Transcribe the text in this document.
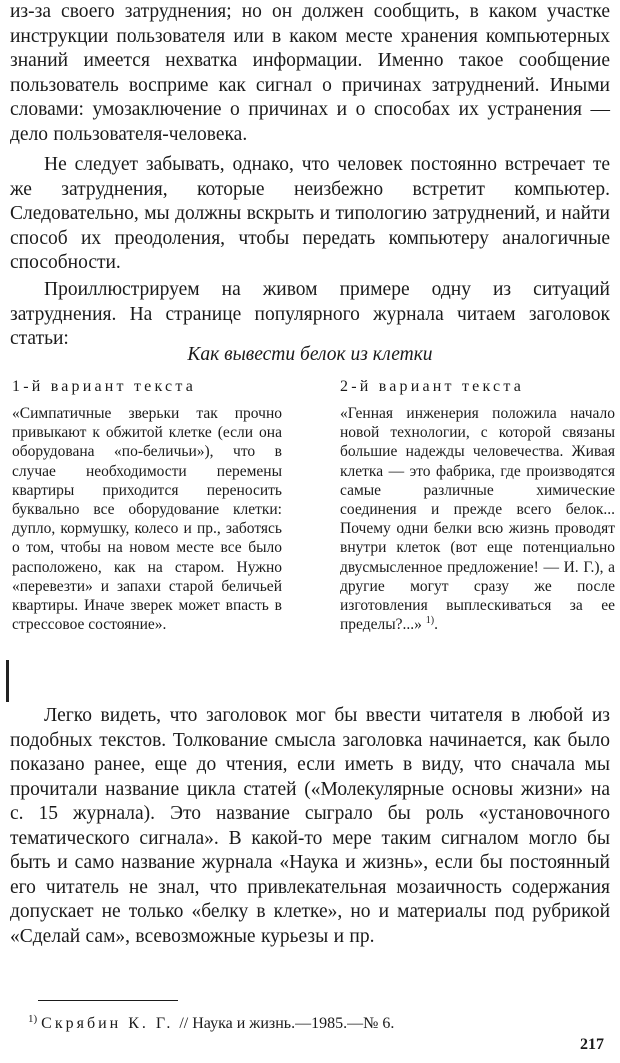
из-за своего затруднения; но он должен сообщить, в каком участке инструкции пользователя или в каком месте хранения компьютерных знаний имеется нехватка информации. Именно такое сообщение пользователь восприме как сигнал о причинах затруднений. Иными словами: умозаключение о причинах и о способах их устранения — дело пользователя-человека.

Не следует забывать, однако, что человек постоянно встречает те же затруднения, которые неизбежно встретит компьютер. Следовательно, мы должны вскрыть и типологию затруднений, и найти способ их преодоления, чтобы передать компьютеру аналогичные способности.

Проиллюстрируем на живом примере одну из ситуаций затруднения. На странице популярного журнала читаем заголовок статьи:

Как вывести белок из клетки

1-й вариант текста

«Симпатичные зверьки так прочно привыкают к обжитой клетке (если она оборудована «по-беличьи»), что в случае необходимости перемены квартиры приходится переносить буквально все оборудование клетки: дупло, кормушку, колесо и пр., заботясь о том, чтобы на новом месте все было расположено, как на старом. Нужно «перевезти» и запахи старой беличьей квартиры. Иначе зверек может впасть в стрессовое состояние».

2-й вариант текста

«Генная инженерия положила начало новой технологии, с которой связаны большие надежды человечества. Живая клетка — это фабрика, где производятся самые различные химические соединения и прежде всего белок... Почему одни белки всю жизнь проводят внутри клеток (вот еще потенциально двусмысленное предложение! — И. Г.), а другие могут сразу же после изготовления выплескиваться за ее пределы?...» $^{1)}$.

Легко видеть, что заголовок мог бы ввести читателя в любой из подобных текстов. Толкование смысла заголовка начинается, как было показано ранее, еще до чтения, если иметь в виду, что сначала мы прочитали название цикла статей («Молекулярные основы жизни» на с. 15 журнала). Это название сыграло бы роль «установочного тематического сигнала». В какой-то мере таким сигналом могло бы быть и само название журнала «Наука и жизнь», если бы постоянный его читатель не знал, что привлекательная мозаичность содержания допускает не только «белку в клетке», но и материалы под рубрикой «Сделай сам», всевозможные курьезы и пр.

$^{1)}$ Скрябин К. Г. // Наука и жизнь.—1985.—№ 6.

217
